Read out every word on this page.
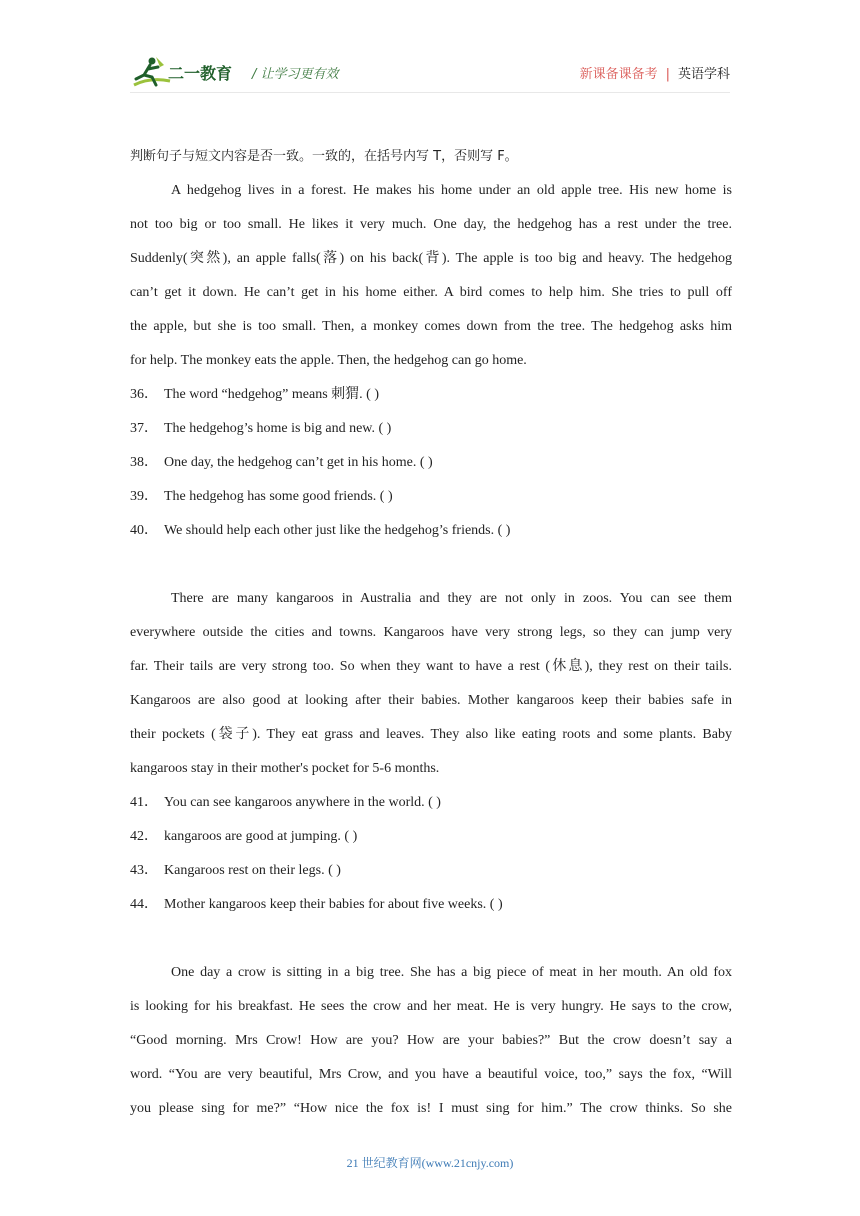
二一教育 / 让学习更有效	新课备课备考 | 英语学科
判断句子与短文内容是否一致。一致的，在括号内写 T，否则写 F。
A hedgehog lives in a forest. He makes his home under an old apple tree. His new home is
not too big or too small. He likes it very much. One day, the hedgehog has a rest under the tree.
Suddenly(突然), an apple falls(落) on his back(背). The apple is too big and heavy. The hedgehog
can’t get it down. He can’t get in his home either. A bird comes to help him. She tries to pull off
the apple, but she is too small. Then, a monkey comes down from the tree. The hedgehog asks him
for help. The monkey eats the apple. Then, the hedgehog can go home.
36． The word “hedgehog” means 刺猬. ( )
37． The hedgehog’s home is big and new. ( )
38． One day, the hedgehog can’t get in his home. ( )
39． The hedgehog has some good friends. ( )
40． We should help each other just like the hedgehog’s friends. ( )
There are many kangaroos in Australia and they are not only in zoos. You can see them
everywhere outside the cities and towns. Kangaroos have very strong legs, so they can jump very
far. Their tails are very strong too. So when they want to have a rest (休息), they rest on their tails.
Kangaroos are also good at looking after their babies. Mother kangaroos keep their babies safe in
their pockets (袋子). They eat grass and leaves. They also like eating roots and some plants. Baby
kangaroos stay in their mother's pocket for 5-6 months.
41． You can see kangaroos anywhere in the world. ( )
42． kangaroos are good at jumping. ( )
43． Kangaroos rest on their legs. ( )
44． Mother kangaroos keep their babies for about five weeks. ( )
One day a crow is sitting in a big tree. She has a big piece of meat in her mouth. An old fox
is looking for his breakfast. He sees the crow and her meat. He is very hungry. He says to the crow,
“Good morning. Mrs Crow! How are you? How are your babies?” But the crow doesn’t say a
word. “You are very beautiful, Mrs Crow, and you have a beautiful voice, too,” says the fox, “Will
you please sing for me?” “How nice the fox is! I must sing for him.” The crow thinks. So she
21 世纪教育网(www.21cnjy.com)
